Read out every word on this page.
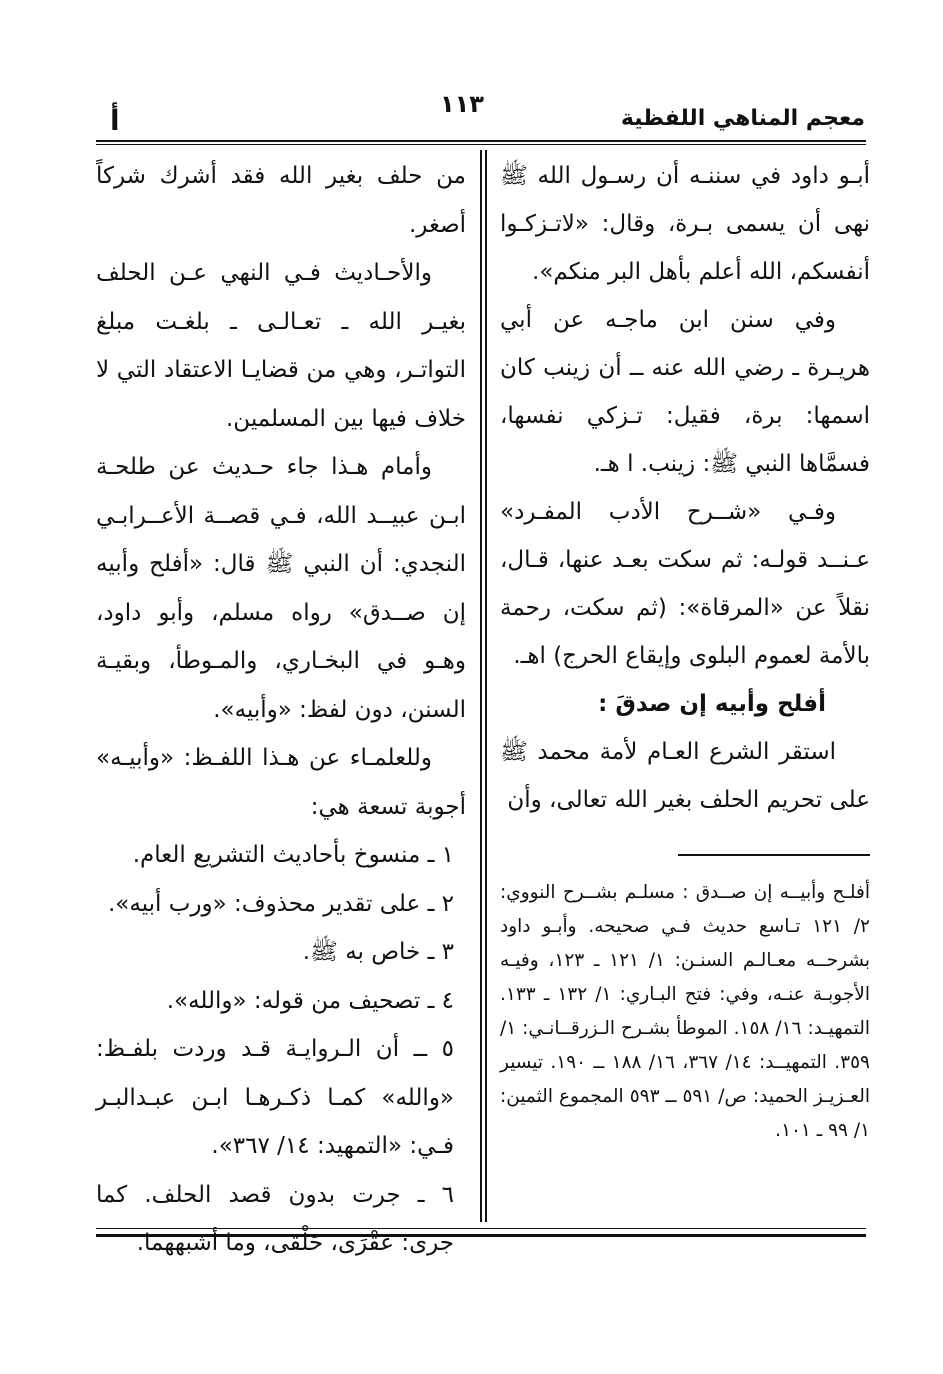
معجم المناهي اللفظية
١١٣
أ

أبـو داود في سننـه أن رسـول الله ﷺ نهى أن يسمى بـرة، وقال: «لاتـزكـوا أنفسكم، الله أعلم بأهل البر منكم».

وفي سنن ابن ماجـه عن أبي هريـرة ـ رضي الله عنه ــ أن زينب كان اسمها: برة، فقيل: تـزكي نفسها، فسمَّاها النبي ﷺ: زينب. ا هـ.

وفـي «شــرح الأدب المفـرد» عـنــد قولـه: ثم سكت بعـد عنها، قـال، نقلاً عن «المرقاة»: (ثم سكت، رحمة بالأمة لعموم البلوى وإيقاع الحرج) اهـ.

أفلح وأبيه إن صدقَ :

استقر الشرع العـام لأمة محمد ﷺ على تحريم الحلف بغير الله تعالى، وأن

أفلـح وأبيــه إن صــدق : مسلـم بشــرح النووي: ٢/ ١٢١ تـاسع حديث فـي صحيحه. وأبـو داود بشرحــه معـالـم السنـن: ١/ ١٢١ ـ ١٢٣، وفيـه الأجوبـة عنـه، وفي: فتح البـاري: ١/ ١٣٢ ـ ١٣٣. التمهيـد: ١٦/ ١٥٨. الموطأ بشـرح الـزرقــانـي: ١/ ٣٥٩. التمهيــد: ١٤/ ٣٦٧، ١٦/ ١٨٨ ــ ١٩٠. تيسير العـزيـز الحميد: ص/ ٥٩١ ــ ٥٩٣ المجموع الثمين: ١/ ٩٩ ـ ١٠١.

من حلف بغير الله فقد أشرك شركاً أصغر.

والأحـاديث فـي النهي عـن الحلف بغيـر الله ـ تعـالـى ـ بلغـت مبلغ التواتـر، وهي من قضايـا الاعتقاد التي لا خلاف فيها بين المسلمين.

وأمام هـذا جاء حـديث عن طلحـة ابـن عبيــد الله، فـي قصــة الأعــرابـي النجدي: أن النبي ﷺ قال: «أفلح وأبيه إن صــدق» رواه مسلم، وأبو داود، وهـو في البخـاري، والمـوطأ، وبقيـة السنن، دون لفظ: «وأبيه».

وللعلمـاء عن هـذا اللفـظ: «وأبيـه» أجوبة تسعة هي:

١ ـ منسوخ بأحاديث التشريع العام.

٢ ـ على تقدير محذوف: «ورب أبيه».

٣ ـ خاص به ﷺ.

٤ ـ تصحيف من قوله: «والله».

٥ ــ أن الـروايـة قـد وردت بلفـظ: «والله» كمـا ذكـرهـا ابـن عبـدالبـر فـي: «التمهيد: ١٤/ ٣٦٧».

٦ ـ جرت بدون قصد الحلف. كما جرى: عَقْرَى، حَلْقَى، وما أشبههما.
